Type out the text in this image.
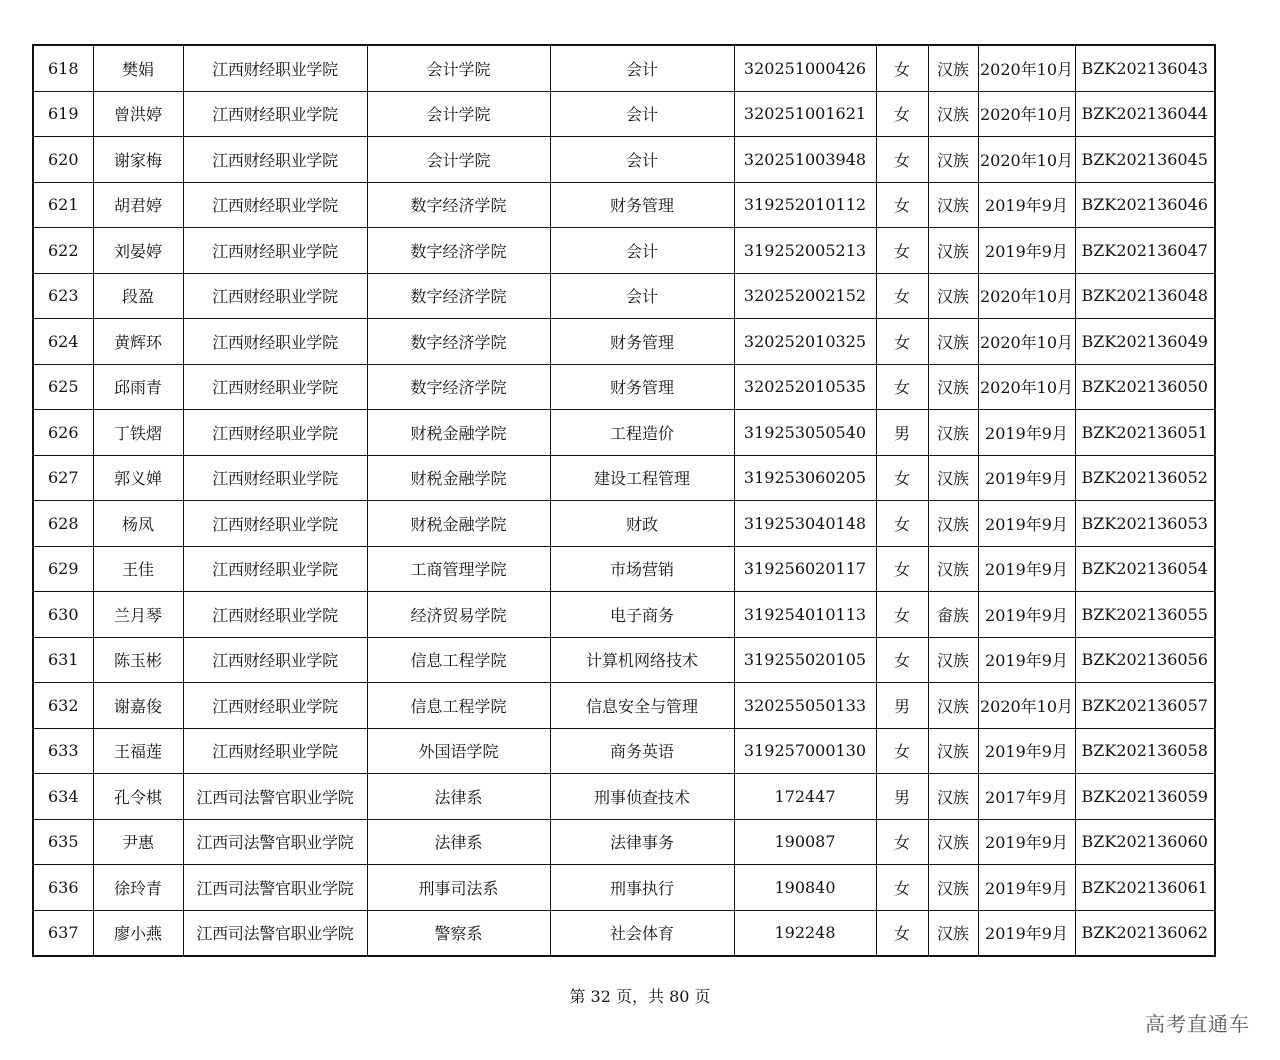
618	樊娟	江西财经职业学院	会计学院	会计	320251000426	女	汉族	2020年10月	BZK202136043
619	曾洪婷	江西财经职业学院	会计学院	会计	320251001621	女	汉族	2020年10月	BZK202136044
620	谢家梅	江西财经职业学院	会计学院	会计	320251003948	女	汉族	2020年10月	BZK202136045
621	胡君婷	江西财经职业学院	数字经济学院	财务管理	319252010112	女	汉族	2019年9月	BZK202136046
622	刘晏婷	江西财经职业学院	数字经济学院	会计	319252005213	女	汉族	2019年9月	BZK202136047
623	段盈	江西财经职业学院	数字经济学院	会计	320252002152	女	汉族	2020年10月	BZK202136048
624	黄辉环	江西财经职业学院	数字经济学院	财务管理	320252010325	女	汉族	2020年10月	BZK202136049
625	邱雨青	江西财经职业学院	数字经济学院	财务管理	320252010535	女	汉族	2020年10月	BZK202136050
626	丁铁熠	江西财经职业学院	财税金融学院	工程造价	319253050540	男	汉族	2019年9月	BZK202136051
627	郭义婵	江西财经职业学院	财税金融学院	建设工程管理	319253060205	女	汉族	2019年9月	BZK202136052
628	杨凤	江西财经职业学院	财税金融学院	财政	319253040148	女	汉族	2019年9月	BZK202136053
629	王佳	江西财经职业学院	工商管理学院	市场营销	319256020117	女	汉族	2019年9月	BZK202136054
630	兰月琴	江西财经职业学院	经济贸易学院	电子商务	319254010113	女	畲族	2019年9月	BZK202136055
631	陈玉彬	江西财经职业学院	信息工程学院	计算机网络技术	319255020105	女	汉族	2019年9月	BZK202136056
632	谢嘉俊	江西财经职业学院	信息工程学院	信息安全与管理	320255050133	男	汉族	2020年10月	BZK202136057
633	王福莲	江西财经职业学院	外国语学院	商务英语	319257000130	女	汉族	2019年9月	BZK202136058
634	孔令棋	江西司法警官职业学院	法律系	刑事侦查技术	172447	男	汉族	2017年9月	BZK202136059
635	尹惠	江西司法警官职业学院	法律系	法律事务	190087	女	汉族	2019年9月	BZK202136060
636	徐玲青	江西司法警官职业学院	刑事司法系	刑事执行	190840	女	汉族	2019年9月	BZK202136061
637	廖小燕	江西司法警官职业学院	警察系	社会体育	192248	女	汉族	2019年9月	BZK202136062
第 32 页，共 80 页
高考直通车
